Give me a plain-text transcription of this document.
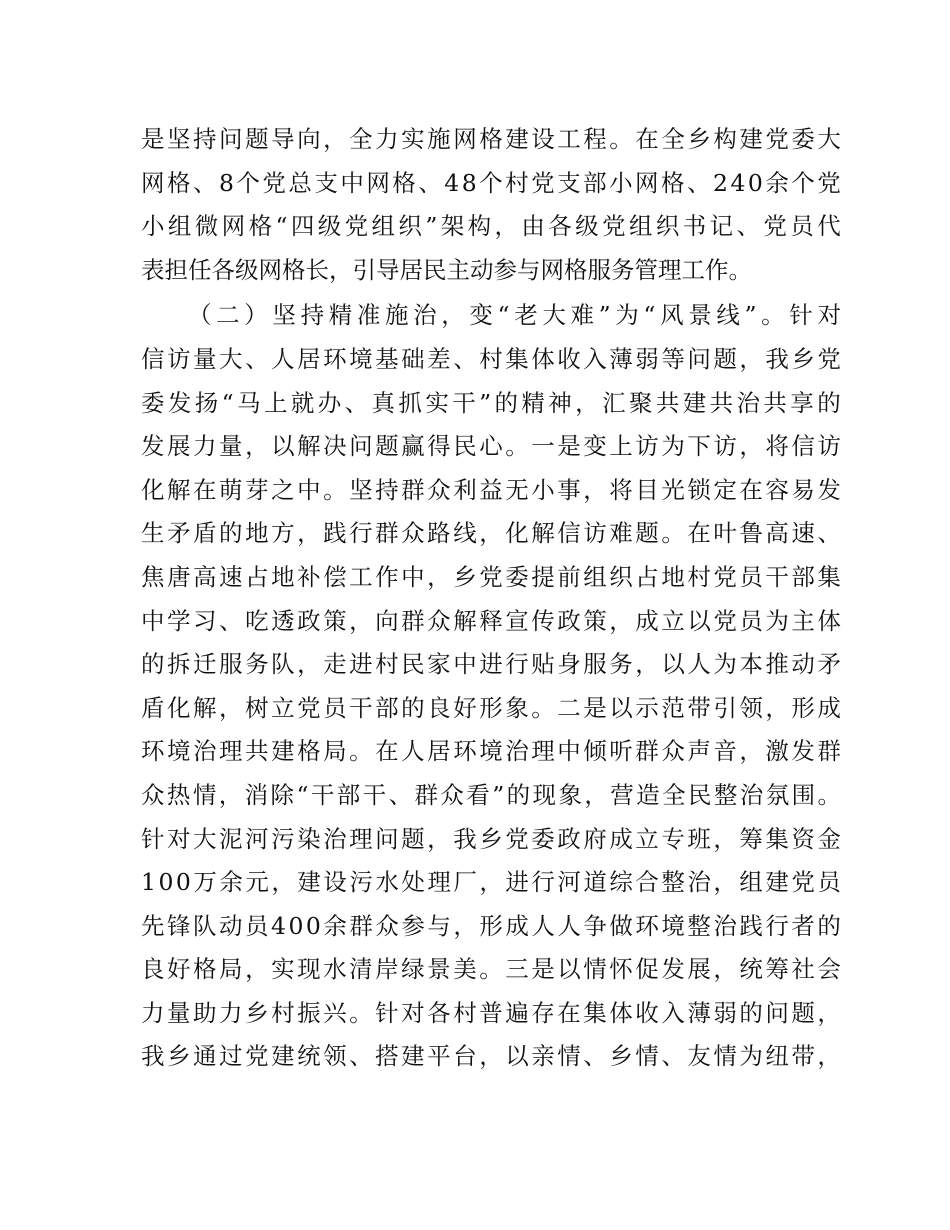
是 坚 持 问 题 导 向 ， 全 力 实 施 网 格 建 设 工 程 。 在 全 乡 构 建 党 委 大
网 格 、 8 个 党 总 支 中 网 格 、 4 8 个 村 党 支 部 小 网 格 、 2 4 0 余 个 党
小 组 微 网 格 “ 四 级 党 组 织 ” 架 构 ， 由 各 级 党 组 织 书 记 、 党 员 代
表担任各级网格长，引导居民主动参与网格服务管理工作。
（ 二 ） 坚 持 精 准 施 治 ， 变 “ 老 大 难 ” 为 “ 风 景 线 ” 。 针 对
信 访 量 大 、 人 居 环 境 基 础 差 、 村 集 体 收 入 薄 弱 等 问 题 ， 我 乡 党
委 发 扬 “ 马 上 就 办 、 真 抓 实 干 ” 的 精 神 ， 汇 聚 共 建 共 治 共 享 的
发 展 力 量 ， 以 解 决 问 题 赢 得 民 心 。 一 是 变 上 访 为 下 访 ， 将 信 访
化 解 在 萌 芽 之 中 。 坚 持 群 众 利 益 无 小 事 ， 将 目 光 锁 定 在 容 易 发
生 矛 盾 的 地 方 ， 践 行 群 众 路 线 ， 化 解 信 访 难 题 。 在 叶 鲁 高 速 、
焦 唐 高 速 占 地 补 偿 工 作 中 ， 乡 党 委 提 前 组 织 占 地 村 党 员 干 部 集
中 学 习 、 吃 透 政 策 ， 向 群 众 解 释 宣 传 政 策 ， 成 立 以 党 员 为 主 体
的 拆 迁 服 务 队 ， 走 进 村 民 家 中 进 行 贴 身 服 务 ， 以 人 为 本 推 动 矛
盾 化 解 ， 树 立 党 员 干 部 的 良 好 形 象 。 二 是 以 示 范 带 引 领 ， 形 成
环 境 治 理 共 建 格 局 。 在 人 居 环 境 治 理 中 倾 听 群 众 声 音 ， 激 发 群
众 热 情 ， 消 除 “ 干 部 干 、 群 众 看 ” 的 现 象 ， 营 造 全 民 整 治 氛 围 。
针 对 大 泥 河 污 染 治 理 问 题 ， 我 乡 党 委 政 府 成 立 专 班 ， 筹 集 资 金
1 0 0 万 余 元 ， 建 设 污 水 处 理 厂 ， 进 行 河 道 综 合 整 治 ， 组 建 党 员
先 锋 队 动 员 4 0 0 余 群 众 参 与 ， 形 成 人 人 争 做 环 境 整 治 践 行 者 的
良 好 格 局 ， 实 现 水 清 岸 绿 景 美 。 三 是 以 情 怀 促 发 展 ， 统 筹 社 会
力 量 助 力 乡 村 振 兴 。 针 对 各 村 普 遍 存 在 集 体 收 入 薄 弱 的 问 题 ，
我 乡 通 过 党 建 统 领 、 搭 建 平 台 ， 以 亲 情 、 乡 情 、 友 情 为 纽 带 ，
